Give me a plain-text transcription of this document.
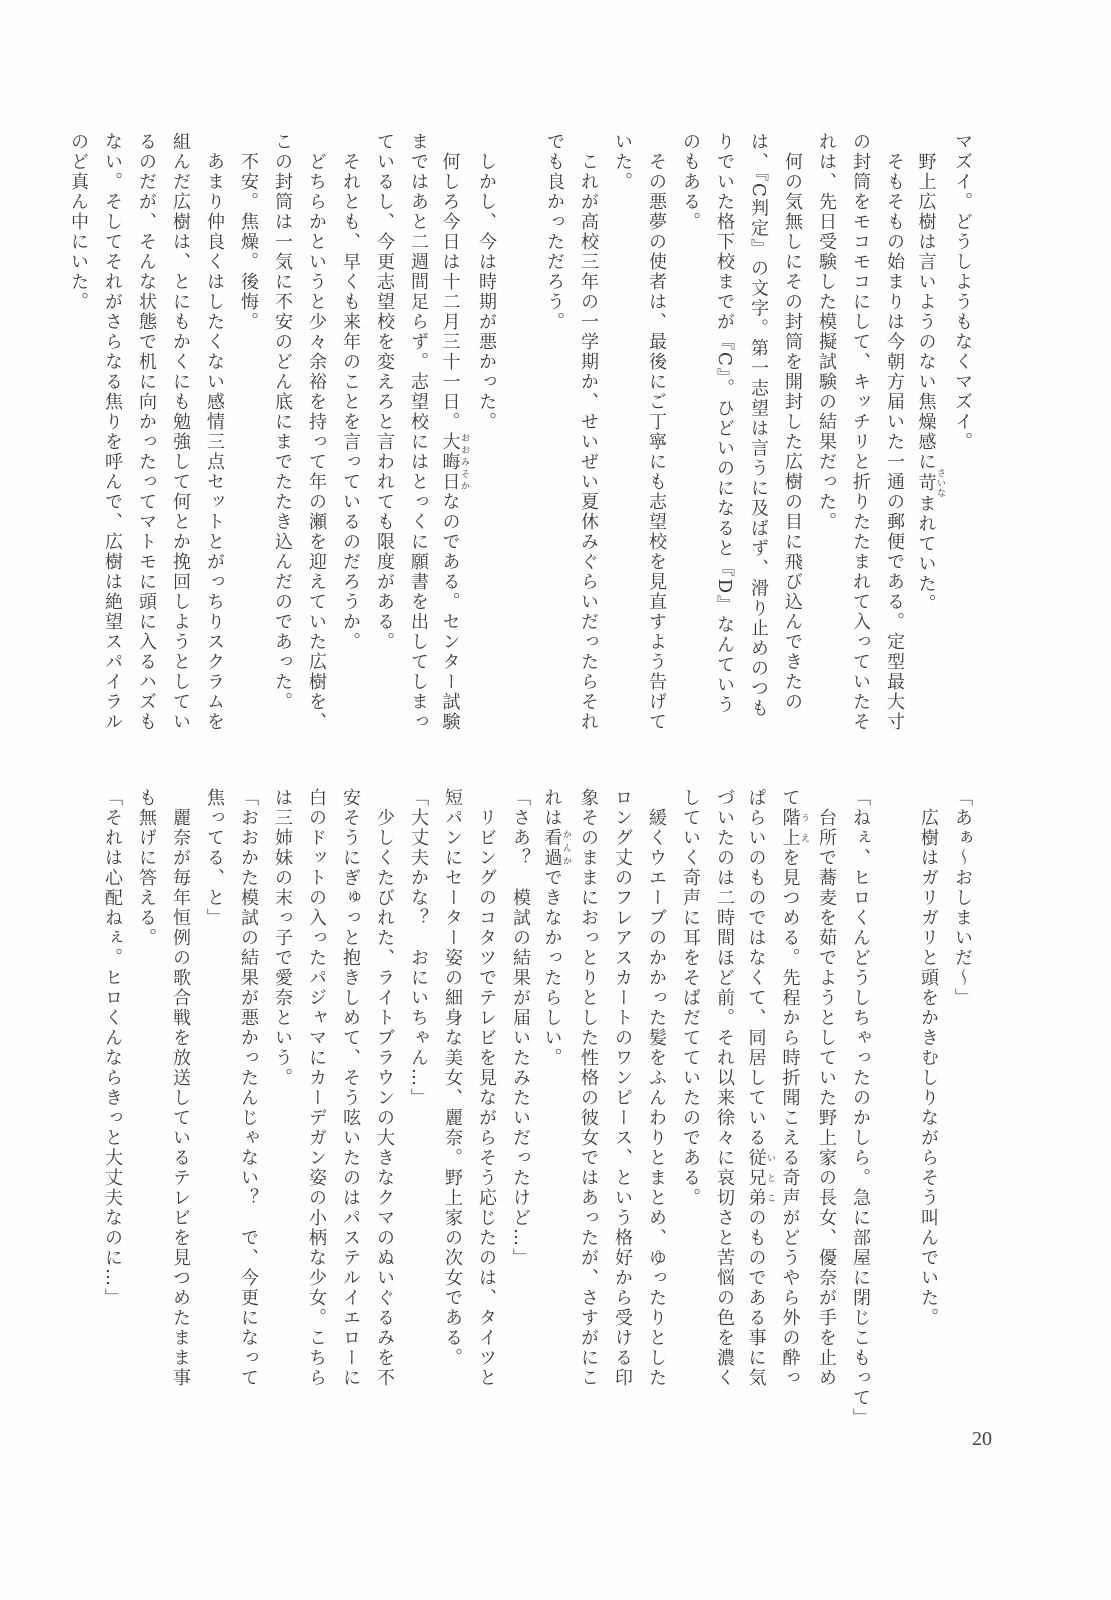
マズイ。どうしようもなくマズイ。
　野上広樹は言いようのない焦燥感に苛さいなまれていた。
　そもそもの始まりは今朝方届いた一通の郵便である。定型最大寸
の封筒をモコモコにして、キッチリと折りたたまれて入っていたそ
れは、先日受験した模擬試験の結果だった。
　何の気無しにその封筒を開封した広樹の目に飛び込んできたの
は、『C判定』の文字。第一志望は言うに及ばず、滑り止めのつも
りでいた格下校までが『C』。ひどいのになると『D』なんていう
のもある。
　その悪夢の使者は、最後にご丁寧にも志望校を見直すよう告げて
いた。
　これが高校三年の一学期か、せいぜい夏休みぐらいだったらそれ
でも良かっただろう。
　しかし、今は時期が悪かった。
　何しろ今日は十二月三十一日。大晦日おおみそかなのである。センター試験
まではあと二週間足らず。志望校にはとっくに願書を出してしまっ
ているし、今更志望校を変えろと言われても限度がある。
　それとも、早くも来年のことを言っているのだろうか。
　どちらかというと少々余裕を持って年の瀬を迎えていた広樹を、
この封筒は一気に不安のどん底にまでたたき込んだのであった。
　不安。焦燥。後悔。
　あまり仲良くはしたくない感情三点セットとがっちりスクラムを
組んだ広樹は、とにもかくにも勉強して何とか挽回しようとしてい
るのだが、そんな状態で机に向かったってマトモに頭に入るハズも
ない。そしてそれがさらなる焦りを呼んで、広樹は絶望スパイラル
のど真ん中にいた。
「あぁ〜おしまいだ〜」
　広樹はガリガリと頭をかきむしりながらそう叫んでいた。
「ねぇ、ヒロくんどうしちゃったのかしら。急に部屋に閉じこもって」
　台所で蕎麦を茹でようとしていた野上家の長女、優奈が手を止め
て階上うえを見つめる。先程から時折聞こえる奇声がどうやら外の酔っ
ぱらいのものではなくて、同居している従兄弟いとこのものである事に気
づいたのは二時間ほど前。それ以来徐々に哀切さと苦悩の色を濃く
していく奇声に耳をそばだてていたのである。
　緩くウエーブのかかった髪をふんわりとまとめ、ゆったりとした
ロング丈のフレアスカートのワンピース、という格好から受ける印
象そのままにおっとりとした性格の彼女ではあったが、さすがにこ
れは看過かんかできなかったらしい。
「さあ？　模試の結果が届いたみたいだったけど…」
　リビングのコタツでテレビを見ながらそう応じたのは、タイツと
短パンにセーター姿の細身な美女、麗奈。野上家の次女である。
「大丈夫かな？　おにいちゃん…」
　少しくたびれた、ライトブラウンの大きなクマのぬいぐるみを不
安そうにぎゅっと抱きしめて、そう呟いたのはパステルイエローに
白のドットの入ったパジャマにカーデガン姿の小柄な少女。こちら
は三姉妹の末っ子で愛奈という。
「おおかた模試の結果が悪かったんじゃない？　で、今更になって
焦ってる、と」
　麗奈が毎年恒例の歌合戦を放送しているテレビを見つめたまま事
も無げに答える。
「それは心配ねぇ。ヒロくんならきっと大丈夫なのに…」
20
